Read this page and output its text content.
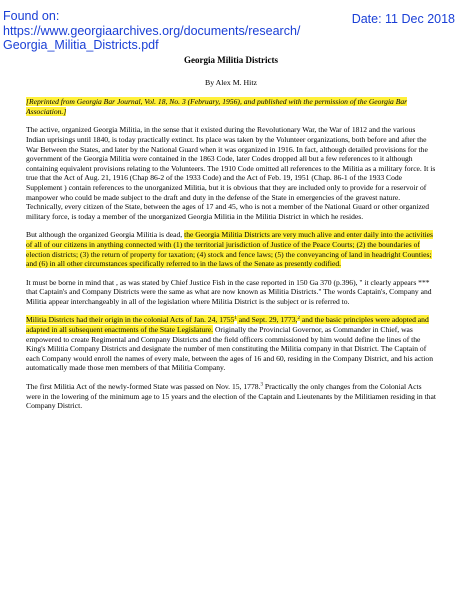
Found on:
https://www.georgiaarchives.org/documents/research/Georgia_Militia_Districts.pdf
Date: 11 Dec 2018
Georgia Militia Districts
By Alex M. Hitz

[Reprinted from Georgia Bar Journal, Vol. 18, No. 3 (February, 1956), and published with the permission of the Georgia Bar Association.]

The active, organized Georgia Militia, in the sense that it existed during the Revolutionary War, the War of 1812 and the various Indian uprisings until 1840, is today practically extinct. Its place was taken by the Volunteer organizations, both before and after the War Between the States, and later by the National Guard when it was organized in 1916. In fact, although detailed provisions for the government of the Georgia Militia were contained in the 1863 Code, later Codes dropped all but a few references to it although containing equivalent provisions relating to the Volunteers. The 1910 Code omitted all references to the Militia as a military force. It is true that the Act of Aug. 21, 1916 (Chap 86-2 of the 1933 Code) and the Act of Feb. 19, 1951 (Chap. 86-1 of the 1933 Code Supplement ) contain references to the unorganized Militia, but it is obvious that they are included only to provide for a reservoir of manpower who could be made subject to the draft and duty in the defense of the State in emergencies of the gravest nature. Technically, every citizen of the State, between the ages of 17 and 45, who is not a member of the National Guard or other organized military force, is today a member of the unorganized Georgia Militia in the Militia District in which he resides.

But although the organized Georgia Militia is dead, the Georgia Militia Districts are very much alive and enter daily into the activities of all of our citizens in anything connected with (1) the territorial jurisdiction of Justice of the Peace Courts; (2) the boundaries of election districts; (3) the return of property for taxation; (4) stock and fence laws; (5) the conveyancing of land in headright Counties; and (6) in all other circumstances specifically referred to in the laws of the Senate as presently codified.

It must be borne in mind that , as was stated by Chief Justice Fish in the case reported in 150 Ga 370 (p.396), " it clearly appears *** that Captain's and Company Districts were the same as what are now known as Militia Districts." The words Captain's, Company and Militia appear interchangeably in all of the legislation where Militia District is the subject or is referred to.

Militia Districts had their origin in the colonial Acts of Jan. 24, 1755$^1$ and Sept. 29, 1773,$^2$ and the basic principles were adopted and adapted in all subsequent enactments of the State Legislature. Originally the Provincial Governor, as Commander in Chief, was empowered to create Regimental and Company Districts and the field officers commissioned by him would define the lines of the King's Militia Company Districts and designate the number of men constituting the Militia company in that District. The Captain of each Company would enroll the names of every male, between the ages of 16 and 60, residing in the Company District, and his action automatically made those men members of that Militia Company.

The first Militia Act of the newly-formed State was passed on Nov. 15, 1778.$^3$ Practically the only changes from the Colonial Acts were in the lowering of the minimum age to 15 years and the election of the Captain and Lieutenants by the Militiamen residing in that Company District.
